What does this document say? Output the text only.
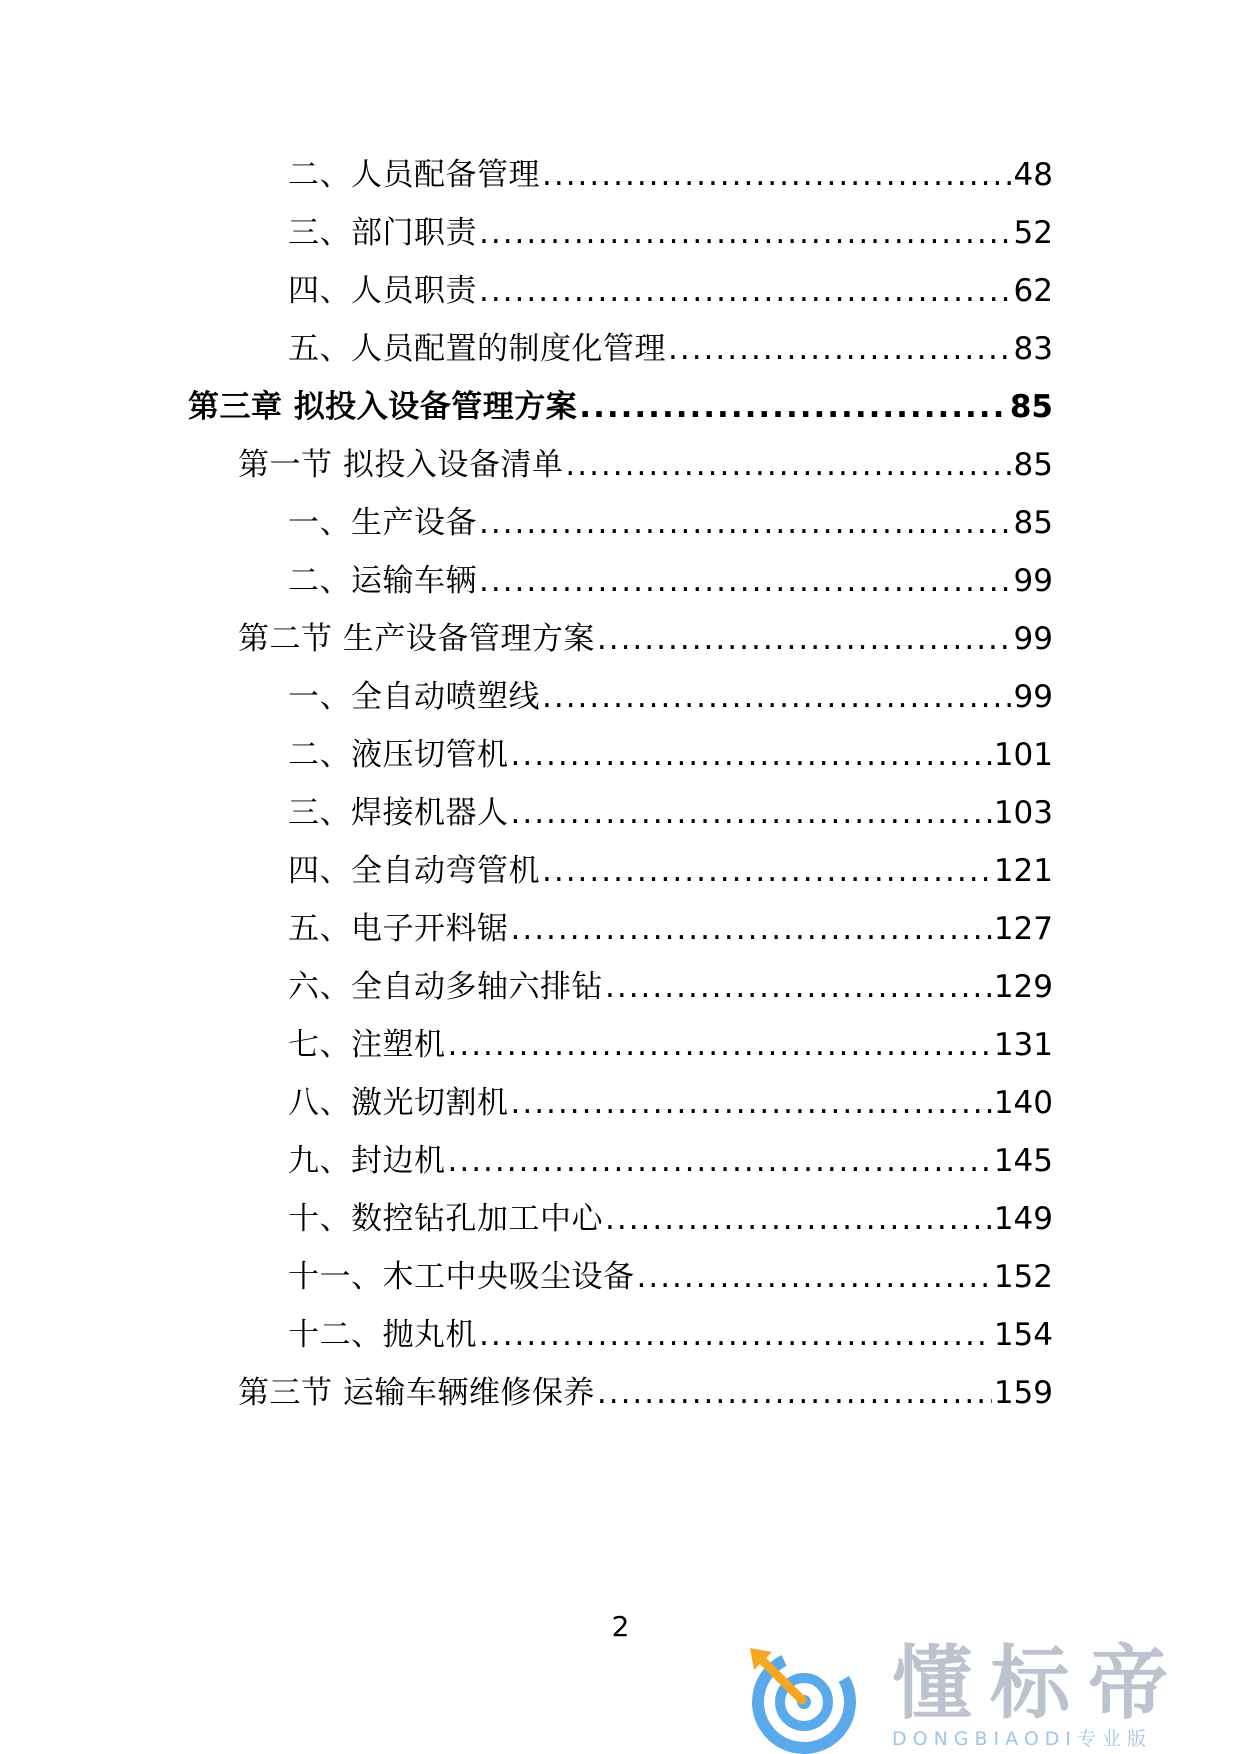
二、人员配备管理 .....	48
三、部门职责 .....	52
四、人员职责 .....	62
五、人员配置的制度化管理 .....	83
第三章 拟投入设备管理方案 .....	85
第一节 拟投入设备清单 .....	85
一、生产设备 .....	85
二、运输车辆 .....	99
第二节 生产设备管理方案 .....	99
一、全自动喷塑线 .....	99
二、液压切管机 .....	101
三、焊接机器人 .....	103
四、全自动弯管机 .....	121
五、电子开料锯 .....	127
六、全自动多轴六排钻 .....	129
七、注塑机 .....	131
八、激光切割机 .....	140
九、封边机 .....	145
十、数控钻孔加工中心 .....	149
十一、木工中央吸尘设备 .....	152
十二、抛丸机 .....	154
第三节 运输车辆维修保养 .....	159
2
懂标帝
DONGBIAODI专业版
